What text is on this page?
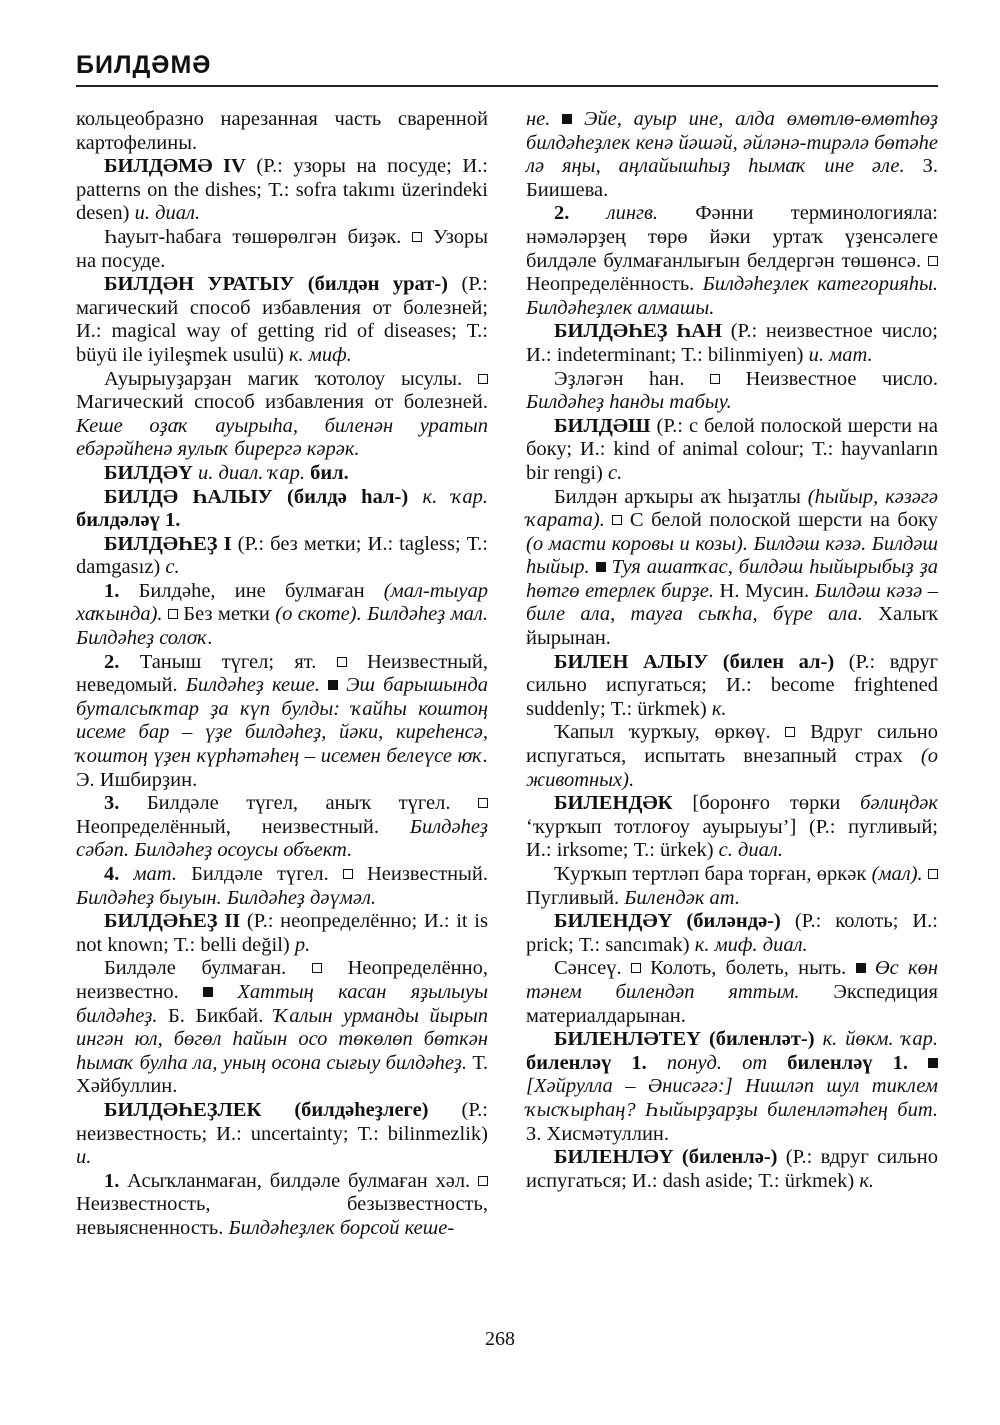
БИЛДӘМӘ

кольцеобразно нарезанная часть сваренной картофелины.

БИЛДӘМӘ IV (Р.: узоры на посуде; И.: patterns on the dishes; Т.: sofra takımı üzerindeki desen) и. диал.

Һауыт-һабаға төшөрөлгән биҙәк.  Узоры на посуде.

БИЛДӘН УРАТЫУ (билдән урат-) (Р.: магический способ избавления от болезней; И.: magical way of getting rid of diseases; Т.: büyü ile iyileşmek usulü) к. миф.

Ауырыуҙарҙан магик ҡотолоу ысулы.  Магический способ избавления от болезней. Кеше оҙаҡ ауырыһа, биленән уратып ебәрәйһенә яулыҡ бирергә кәрәк.

БИЛДӘҮ и. диал. ҡар. бил.

БИЛДӘ ҺАЛЫУ (билдә һал-) к. ҡар. билдәләү 1.

БИЛДӘҺЕҘ I (Р.: без метки; И.: tagless; Т.: damgasız) с.

1. Билдәһе, ине булмаған (мал-тыуар хаҡында).  Без метки (о скоте). Билдәһеҙ мал. Билдәһеҙ солоҡ.

2. Таныш түгел; ят.  Неизвестный, неведомый. Билдәһеҙ кеше. Эш барышында буталсыҡтар ҙа күп булды: ҡайһы коштоң исеме бар – үҙе билдәһеҙ, йәки, киреһенсә, ҡоштоң үҙен күрһәтәһең – исемен белеүсе юҡ. Э. Ишбирҙин.

3. Билдәле түгел, аныҡ түгел.  Неопределённый, неизвестный. Билдәһеҙ сәбәп. Билдәһеҙ осоусы объект.

4. мат. Билдәле түгел.  Неизвестный. Билдәһеҙ быуын. Билдәһеҙ дәүмәл.

БИЛДӘҺЕҘ II (Р.: неопределённо; И.: it is not known; Т.: belli değil) р.

Билдәле булмаған.  Неопределённо, неизвестно.  Хаттың касан яҙылыуы билдәһеҙ. Б. Бикбай. Ҡалын урманды йырып ингән юл, бөгөл һайын осо төкөлөп бөткән һымаҡ булһа ла, уның осона сығыу билдәһеҙ. Т. Хәйбуллин.

БИЛДӘҺЕҘЛЕК (билдәһеҙлеге) (Р.: неизвестность; И.: uncertainty; Т.: bilinmezlik) и.

1. Асыҡланмаған, билдәле булмаған хәл.  Неизвестность, безызвестность, невыясненность. Билдәһеҙлек борсой кеше-

не. Эйе, ауыр ине, алда өмөтлө-өмөтһөҙ билдәһеҙлек кенә йәшәй, әйләнә-тирәлә бөтәһе лә яңы, аңлайышһыҙ һымаҡ ине әле. З. Биишева.

2. лингв. Фәнни терминологияла: нәмәләрҙең төрө йәки уртаҡ үҙенсәлеге билдәле булмағанлығын белдергән төшөнсә.  Неопределённость. Билдәһеҙлек категорияһы. Билдәһеҙлек алмашы.

БИЛДӘҺЕҘ ҺАН (Р.: неизвестное число; И.: indeterminant; Т.: bilinmiyen) и. мат.

Эҙләгән һан.  Неизвестное число. Билдәһеҙ һанды табыу.

БИЛДӘШ (Р.: с белой полоской шерсти на боку; И.: kind of animal colour; Т.: hayvanların bir rengi) с.

Билдән арҡыры аҡ һыҙатлы (һыйыр, кәзәгә ҡарата).  С белой полоской шерсти на боку (о масти коровы и козы). Билдәш кәзә. Билдәш һыйыр. Туя ашатҡас, билдәш һыйырыбыҙ ҙа һөтгө етерлек бирҙе. Н. Мусин. Билдәш кәзә – биле ала, тауға сыҡһа, бүре ала. Халыҡ йырынан.

БИЛЕН АЛЫУ (билен ал-) (Р.: вдруг сильно испугаться; И.: become frightened suddenly; Т.: ürkmek) к.

Ҡапыл ҡурҡыу, өркөү.  Вдруг сильно испугаться, испытать внезапный страх (о животных).

БИЛЕНДӘК [боронғо төрки бәлиңдәк ‘ҡурҡып тотлоғоу ауырыуы’] (Р.: пугливый; И.: irksome; Т.: ürkek) с. диал.

Ҡурҡып тертләп бара торған, өркәк (мал).  Пугливый. Билендәк ат.

БИЛЕНДӘҮ (биләндә-) (Р.: колоть; И.: prick; Т.: sancımak) к. миф. диал.

Сәнсеү.  Колоть, болеть, ныть.  Өс көн тәнем билендәп яттым. Экспедиция материалдарынан.

БИЛЕНЛӘТЕҮ (биленләт-) к. йөкм. ҡар. биленләү 1. понуд. от биленләү 1.  [Хәйрулла – Әнисәгә:] Нишләп шул тиклем ҡысҡырһаң? Һыйырҙарҙы биленләтәһең бит. З. Хисмәтуллин.

БИЛЕНЛӘҮ (биленлә-) (Р.: вдруг сильно испугаться; И.: dash aside; Т.: ürkmek) к.

268
